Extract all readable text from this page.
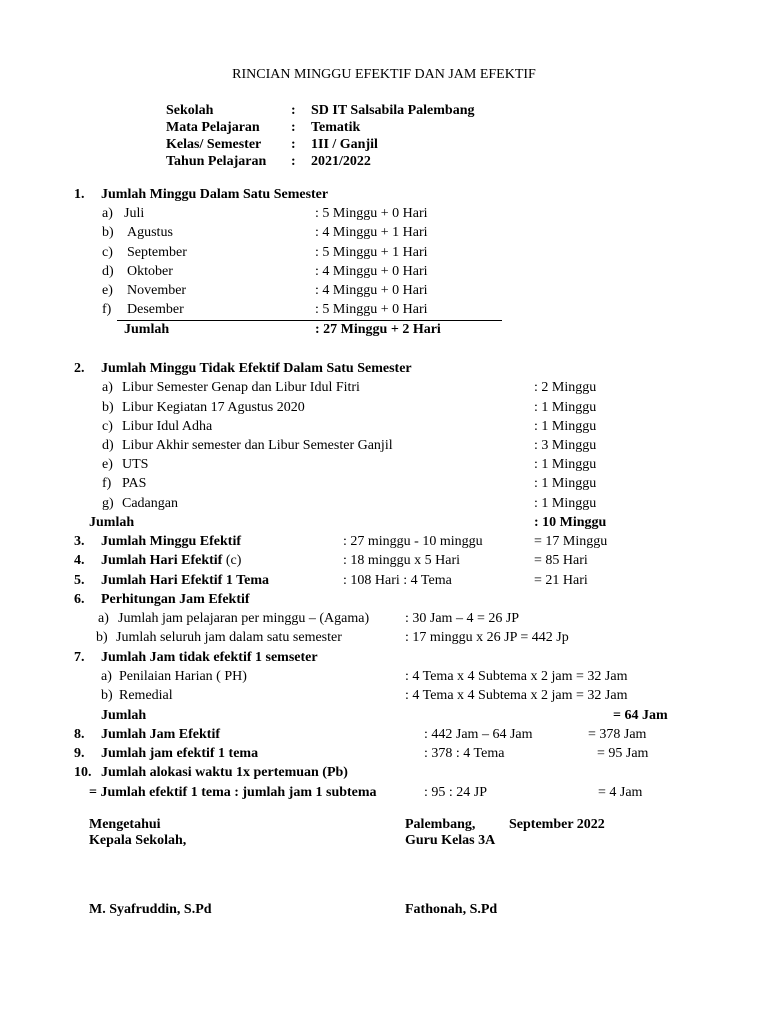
RINCIAN MINGGU EFEKTIF DAN JAM EFEKTIF
Sekolah	: SD IT Salsabila Palembang
Mata Pelajaran : Tematik
Kelas/ Semester : 1II / Ganjil
Tahun Pelajaran : 2021/2022
1. Jumlah Minggu Dalam Satu Semester
a) Juli	: 5 Minggu + 0 Hari
b) Agustus	: 4 Minggu + 1 Hari
c) September	: 5 Minggu + 1 Hari
d) Oktober	: 4 Minggu + 0 Hari
e) November	: 4 Minggu + 0 Hari
f) Desember	: 5 Minggu + 0 Hari
Jumlah	: 27 Minggu + 2 Hari
2. Jumlah Minggu Tidak Efektif Dalam Satu Semester
a) Libur Semester Genap dan Libur Idul Fitri	: 2 Minggu
b) Libur Kegiatan 17 Agustus 2020	: 1 Minggu
c) Libur Idul Adha	: 1 Minggu
d) Libur Akhir semester dan Libur Semester Ganjil	: 3 Minggu
e) UTS	: 1 Minggu
f) PAS	: 1 Minggu
g) Cadangan	: 1 Minggu
Jumlah	: 10 Minggu
3. Jumlah Minggu Efektif	: 27 minggu - 10 minggu	= 17 Minggu
4. Jumlah Hari Efektif (c)	: 18 minggu x 5 Hari	= 85 Hari
5. Jumlah Hari Efektif 1 Tema	: 108 Hari : 4 Tema	= 21 Hari
6. Perhitungan Jam Efektif
a) Jumlah jam pelajaran per minggu – (Agama)	: 30 Jam – 4 = 26 JP
b) Jumlah seluruh jam dalam satu semester	: 17 minggu x 26 JP = 442 Jp
7. Jumlah Jam tidak efektif 1 semseter
a) Penilaian Harian ( PH)	: 4 Tema x 4 Subtema x 2 jam = 32 Jam
b) Remedial	: 4 Tema x 4 Subtema x 2 jam = 32 Jam
Jumlah	= 64 Jam
8. Jumlah Jam Efektif	: 442 Jam – 64 Jam	= 378 Jam
9. Jumlah jam efektif 1 tema	: 378 : 4 Tema	= 95 Jam
10. Jumlah alokasi waktu 1x pertemuan (Pb)
= Jumlah efektif 1 tema : jumlah jam 1 subtema	: 95 : 24 JP	= 4 Jam
Mengetahui
Kepala Sekolah,
M. Syafruddin, S.Pd
Palembang, September 2022
Guru Kelas 3A
Fathonah, S.Pd
